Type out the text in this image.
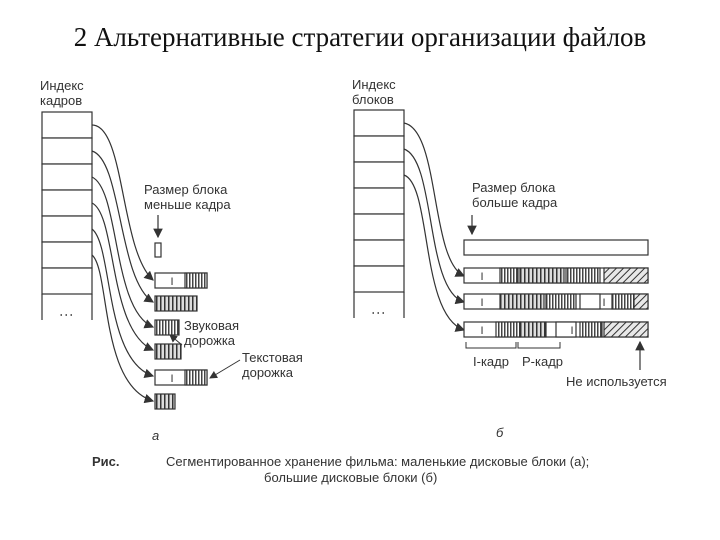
2 Альтернативные стратегии организации файлов
⋮
I
I
⋮
I
I	I
I	I
Индекс
кадров
Размер блока
меньше кадра
Звуковая
дорожка
Текстовая
дорожка
а
Индекс
блоков
Размер блока
больше кадра
I-кадр Р-кадр
Не используется
б
Рис.	Сегментированное хранение фильма: маленькие дисковые блоки (а);
большие дисковые блоки (б)
